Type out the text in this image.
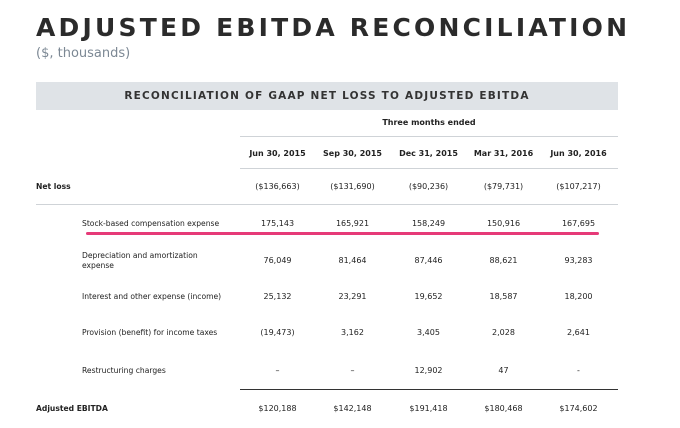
ADJUSTED EBITDA RECONCILIATION
($, thousands)
RECONCILIATION OF GAAP NET LOSS TO ADJUSTED EBITDA
Three months ended
Jun 30, 2015	Sep 30, 2015	Dec 31, 2015	Mar 31, 2016	Jun 30, 2016
Net loss	($136,663)	($131,690)	($90,236)	($79,731)	($107,217)
Stock-based compensation expense	175,143	165,921	158,249	150,916	167,695
Depreciation and amortization expense
76,049	81,464	87,446	88,621	93,283
Interest and other expense (income)	25,132	23,291	19,652	18,587	18,200
Provision (benefit) for income taxes	(19,473)	3,162	3,405	2,028	2,641
Restructuring charges	–	–	12,902	47	-
Adjusted EBITDA	$120,188	$142,148	$191,418	$180,468	$174,602
